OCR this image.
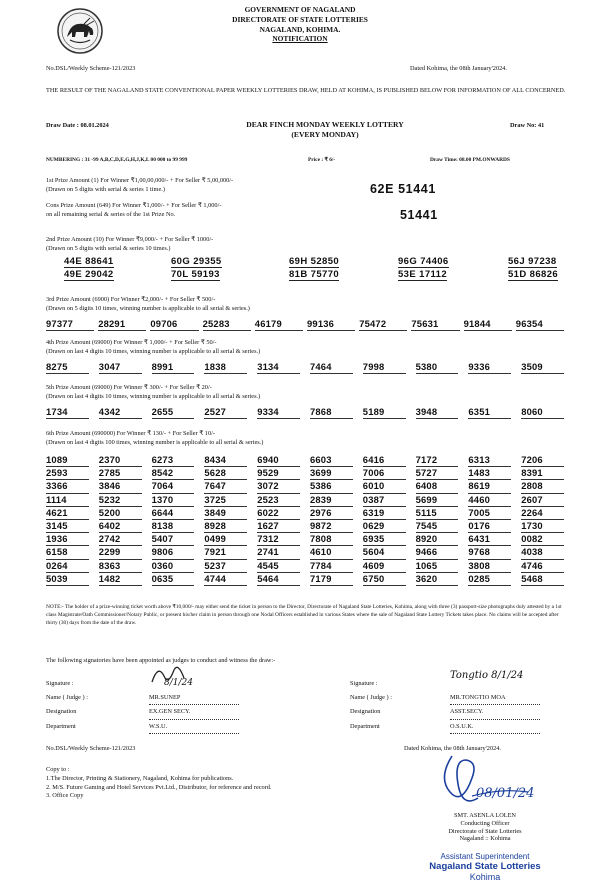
GOVERNMENT OF NAGALAND
DIRECTORATE OF STATE LOTTERIES
NAGALAND, KOHIMA.
NOTIFICATION
No.DSL/Weekly Scheme-121/2023	Dated Kohima, the 08th January'2024.
THE RESULT OF THE NAGALAND STATE CONVENTIONAL PAPER WEEKLY LOTTERIES DRAW, HELD AT KOHIMA, IS PUBLISHED BELOW FOR INFORMATION OF ALL CONCERNED.
Draw Date : 08.01.2024	DEAR FINCH MONDAY WEEKLY LOTTERY
(EVERY MONDAY)
Draw No: 41
NUMBERING : 31 -99 A,B,C,D,E,G,H,J,K,L 00 000 to 99 999	Price : ₹ 6/-	Draw Time: 08.00 PM.ONWARDS
1st Prize Amount (1) For Winner ₹1,00,00,000/- + For Seller ₹ 5,00,000/-
(Drawn on 5 digits with serial & series 1 time.)	62E 51441
Cons Prize Amount (649) For Winner ₹1,000/- + For Seller ₹ 1,000/-
on all remaining serial & series of the 1st Prize No.	51441
2nd Prize Amount (10) For Winner ₹9,000/- + For Seller ₹ 1000/-
(Drawn on 5 digits with serial & series 10 times.)
44E 88641	60G 29355	69H 52850	96G 74406	56J 97238
49E 29042	70L 59193	81B 75770	53E 17112	51D 86826
3rd Prize Amount (6900) For Winner ₹2,000/- + For Seller ₹ 500/-
(Drawn on 5 digits 10 times, winning number is applicable to all serial & series.)
97377	28291	09706	25283	46179	99136	75472	75631	91844	96354
4th Prize Amount (69000) For Winner ₹ 1,000/- + For Seller ₹ 50/-
(Drawn on last 4 digits 10 times, winning number is applicable to all serial & series.)
8275	3047	8991	1838	3134	7464	7998	5380	9336	3509
5th Prize Amount (69000) For Winner ₹ 300/- + For Seller ₹ 20/-
(Drawn on last 4 digits 10 times, winning number is applicable to all serial & series.)
1734	4342	2655	2527	9334	7868	5189	3948	6351	8060
6th Prize Amount (690000) For Winner ₹ 130/- + For Seller ₹ 10/-
(Drawn on last 4 digits 100 times, winning number is applicable to all serial & series.)
1089	2370	6273	8434	6940	6603	6416	7172	6313	7206
2593	2785	8542	5628	9529	3699	7006	5727	1483	8391
3366	3846	7064	7647	3072	5386	6010	6408	8619	2808
1114	5232	1370	3725	2523	2839	0387	5699	4460	2607
4621	5200	6644	3849	6022	2976	6319	5115	7005	2264
3145	6402	8138	8928	1627	9872	0629	7545	0176	1730
1936	2742	5407	0499	7312	7808	6935	8920	6431	0082
6158	2299	9806	7921	2741	4610	5604	9466	9768	4038
0264	8363	0360	5237	4545	7784	4609	1065	3808	4746
5039	1482	0635	4744	5464	7179	6750	3620	0285	5468
NOTE:- The holder of a prize-winning ticket worth above ₹10,000/- may either send the ticket in person to the Director, Directorate of Nagaland State Lotteries, Kohima, along with three (3) passport-size photographs duly attested by a 1st class Magistrate/Oath Commissioner/Notary Public, or present his/her claim in person through one Nodal Officers established in various States where the sale of Nagaland State Lottery Tickets takes place. No claims will be accepted after thirty (30) days from the date of the draw.
The following signatories have been appointed as judges to conduct and witness the draw:-
Signature :	8/1/24
Name ( Judge ) :	MR.SUNEP
Designation	EX.GEN SECY.
Department	W.S.U.
Signature :
Tongtio 8/1/24
Name ( Judge ) :	MR.TONGTIO MOA
Designation	ASST.SECY.
Department	O.S.U.K.
No.DSL/Weekly Scheme-121/2023	Dated Kohima, the 08th January'2024.
Copy to :
1.The Director, Printing & Stationery, Nagaland, Kohima for publications.
2. M/S. Future Gaming and Hotel Services Pvt.Ltd., Distributor, for reference and record.
3. Office Copy	08/01/24
SMT. ASENLA LOLEN
Conducting Officer
Directorate of State Lotteries
Nagaland :: Kohima
Assistant Superintendent
Nagaland State Lotteries
Kohima
